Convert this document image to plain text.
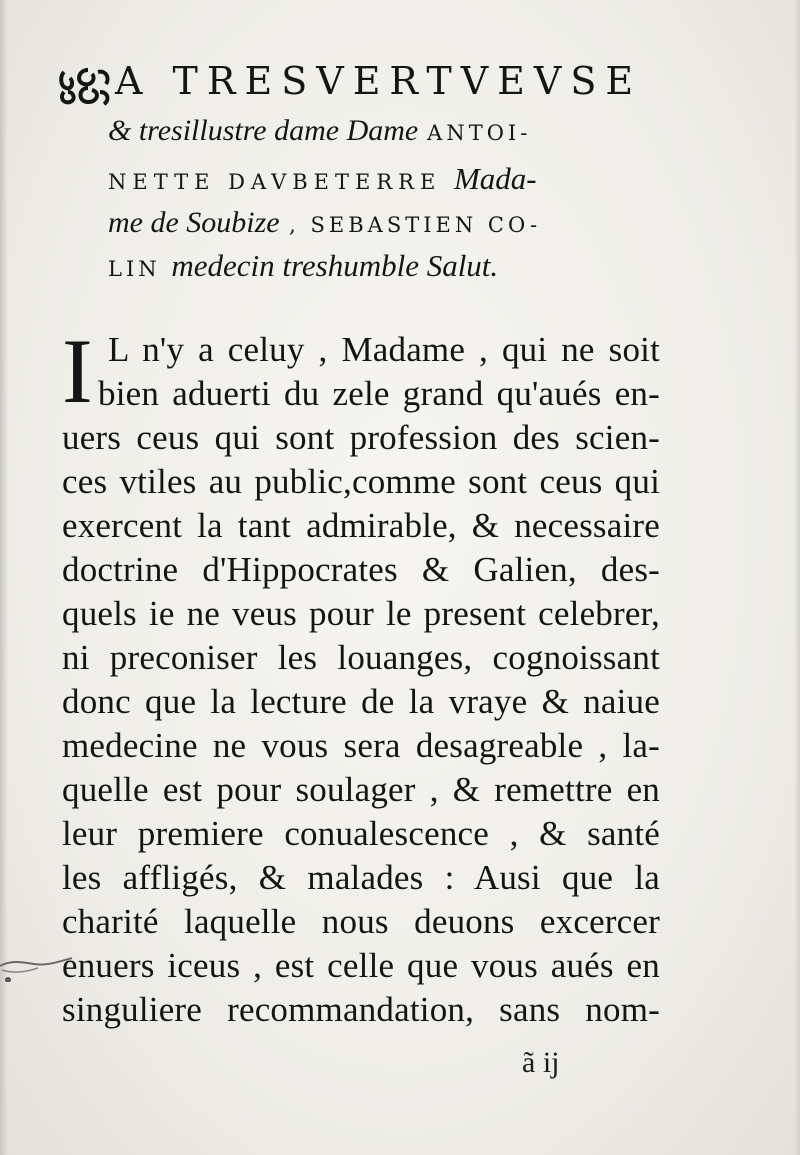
A TRESVERTVEVSE
& tresillustre dame Dame ANTOI-
NETTE DAVBETERRE Mada-
me de Soubize , SEBASTIEN CO-
LIN medecin treshumble Salut.
I L n'y a celuy , Madame , qui ne soit
bien aduerti du zele grand qu'aués en-
uers ceus qui sont profession des scien-
ces vtiles au public,comme sont ceus qui
exercent la tant admirable, & necessaire
doctrine d'Hippocrates & Galien, des-
quels ie ne veus pour le present celebrer,
ni preconiser les louanges, cognoissant
donc que la lecture de la vraye & naiue
medecine ne vous sera desagreable , la-
quelle est pour soulager , & remettre en
leur premiere conualescence , & santé
les affligés, & malades : Ausi que la
charité laquelle nous deuons excercer
enuers iceus , est celle que vous aués en
singuliere recommandation, sans nom-
ã ij
